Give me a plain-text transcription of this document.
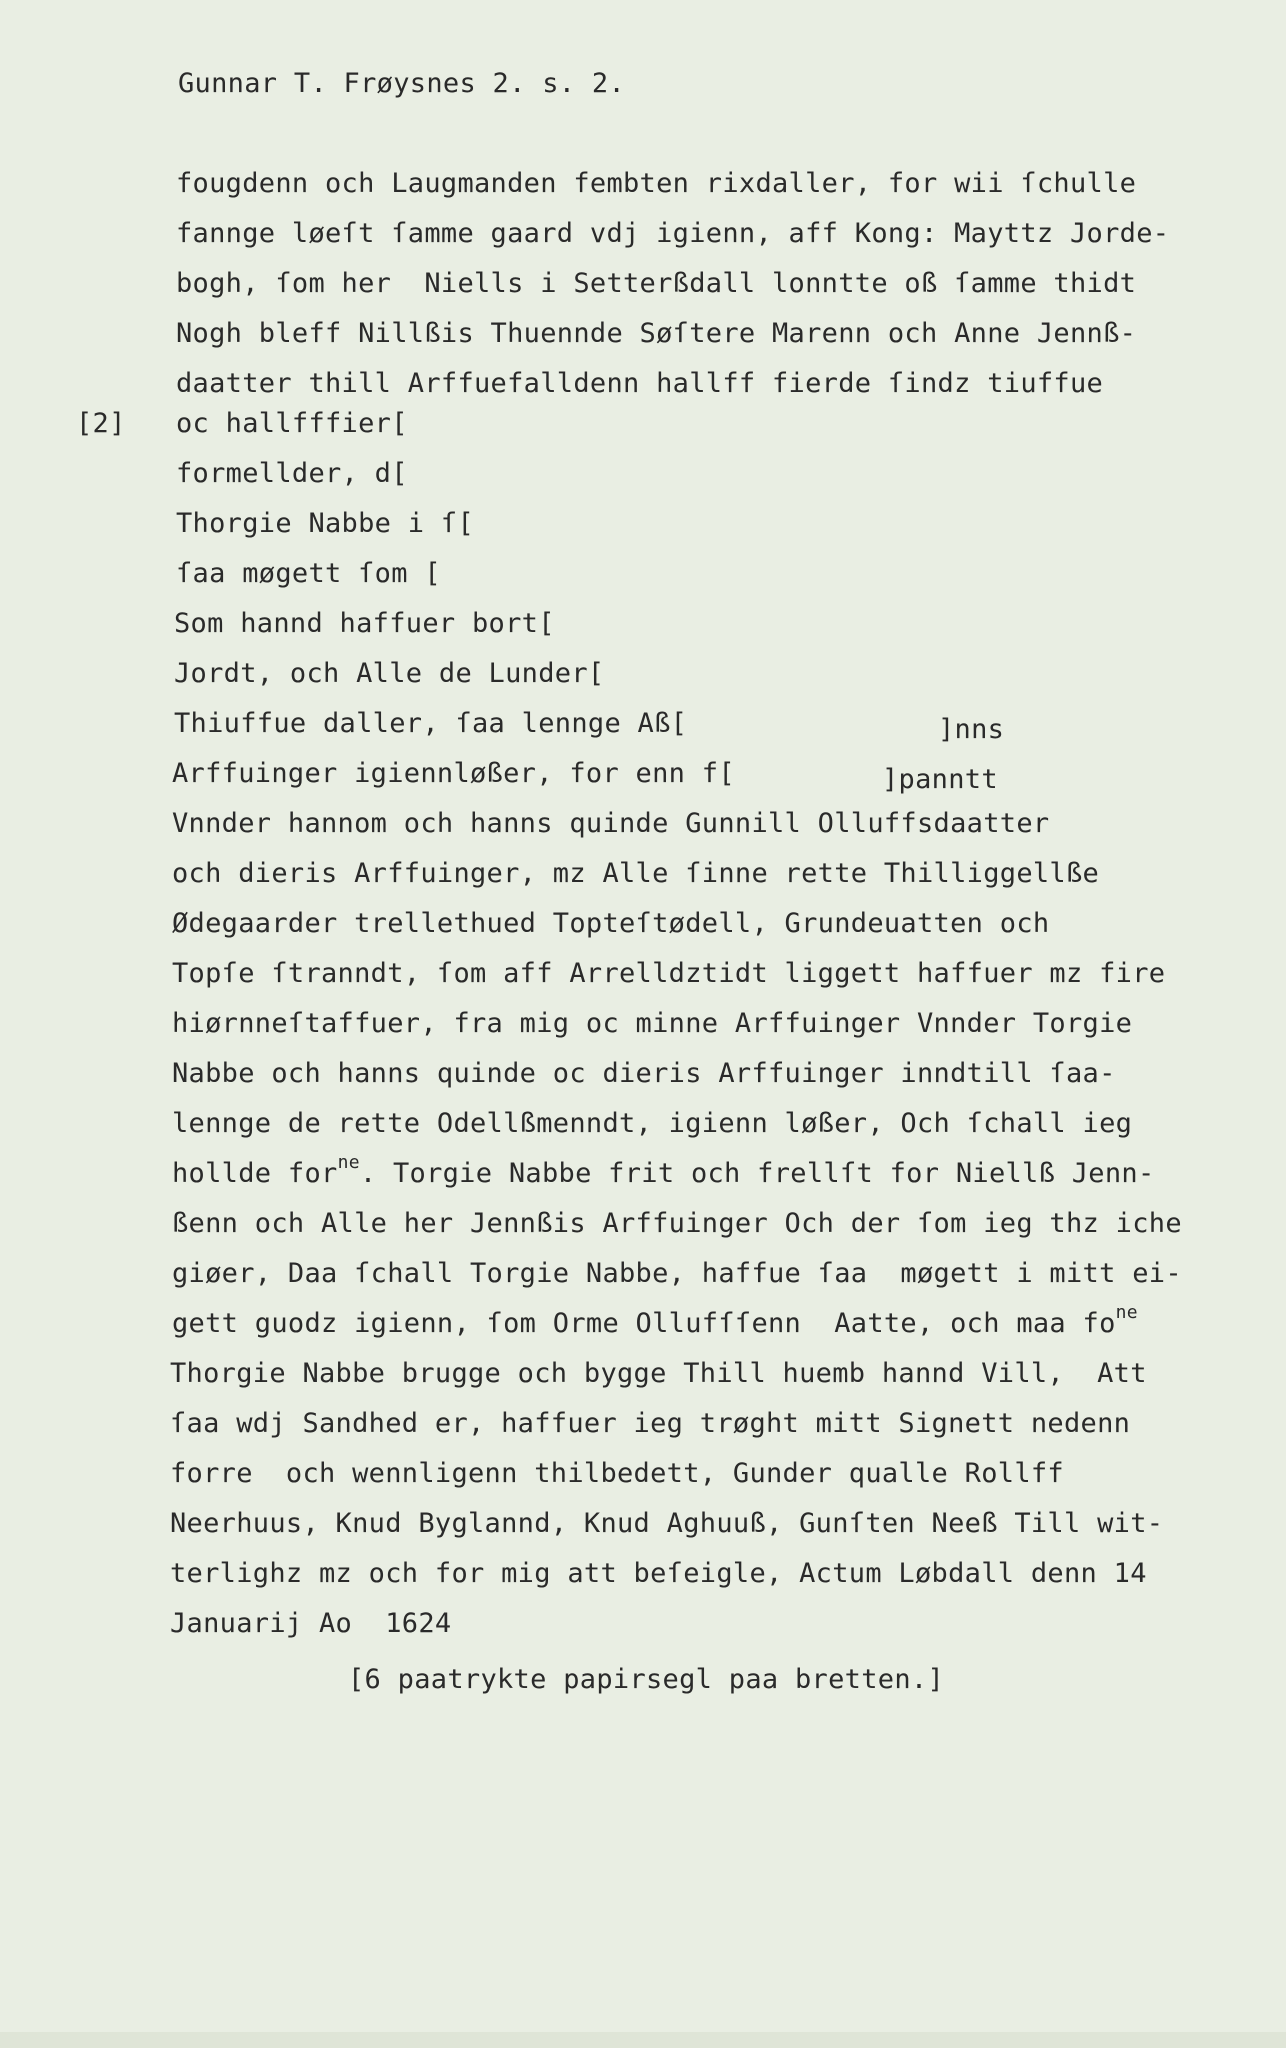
Gunnar T. Frøysnes 2. s. 2.
[2]
fougdenn och Laugmanden fembten rixdaller, for wii ſchulle
fannge løeſt ſamme gaard vdj igienn, aff Kong: Mayttz Jorde-
bogh, ſom her  Niells i Setterßdall lonntte oß ſamme thidt
Nogh bleff Nillßis Thuennde Søſtere Marenn och Anne Jennß-
daatter thill Arffuefalldenn hallff fierde ſindz tiuffue
oc hallfffier[
formellder, d[
Thorgie Nabbe i ſ[
ſaa møgett ſom [
Som hannd haffuer bort[
Jordt, och Alle de Lunder[
Thiuffue daller, ſaa lennge Aß[	]nns
Arffuinger igiennløßer, for enn f[	]panntt
Vnnder hannom och hanns quinde Gunnill Olluffsdaatter
och dieris Arffuinger, mz Alle ſinne rette Thilliggellße
Ødegaarder trellethued Topteſtødell, Grundeuatten och
Topſe ſtranndt, ſom aff Arrelldztidt liggett haffuer mz fire
hiørnneſtaffuer, fra mig oc minne Arffuinger Vnnder Torgie
Nabbe och hanns quinde oc dieris Arffuinger inndtill ſaa-
lennge de rette Odellßmenndt, igienn løßer, Och ſchall ieg
hollde for$^{ne}$. Torgie Nabbe frit och frellſt for Niellß Jenn-
ßenn och Alle her Jennßis Arffuinger Och der ſom ieg thz iche
giøer, Daa ſchall Torgie Nabbe, haffue ſaa  møgett i mitt ei-
gett guodz igienn, ſom Orme Ollufſſenn  Aatte, och maa $fo^{ne}$
Thorgie Nabbe brugge och bygge Thill huemb hannd Vill,  Att
ſaa wdj Sandhed er, haffuer ieg trøght mitt Signett nedenn
forre  och wennligenn thilbedett, Gunder qualle Rollff
Neerhuus, Knud Byglannd, Knud Aghuuß, Gunſten Neeß Till wit-
terlighz mz och for mig att beſeigle, Actum Løbdall denn 14
Januarij Ao  1624
[6 paatrykte papirsegl paa bretten.]
